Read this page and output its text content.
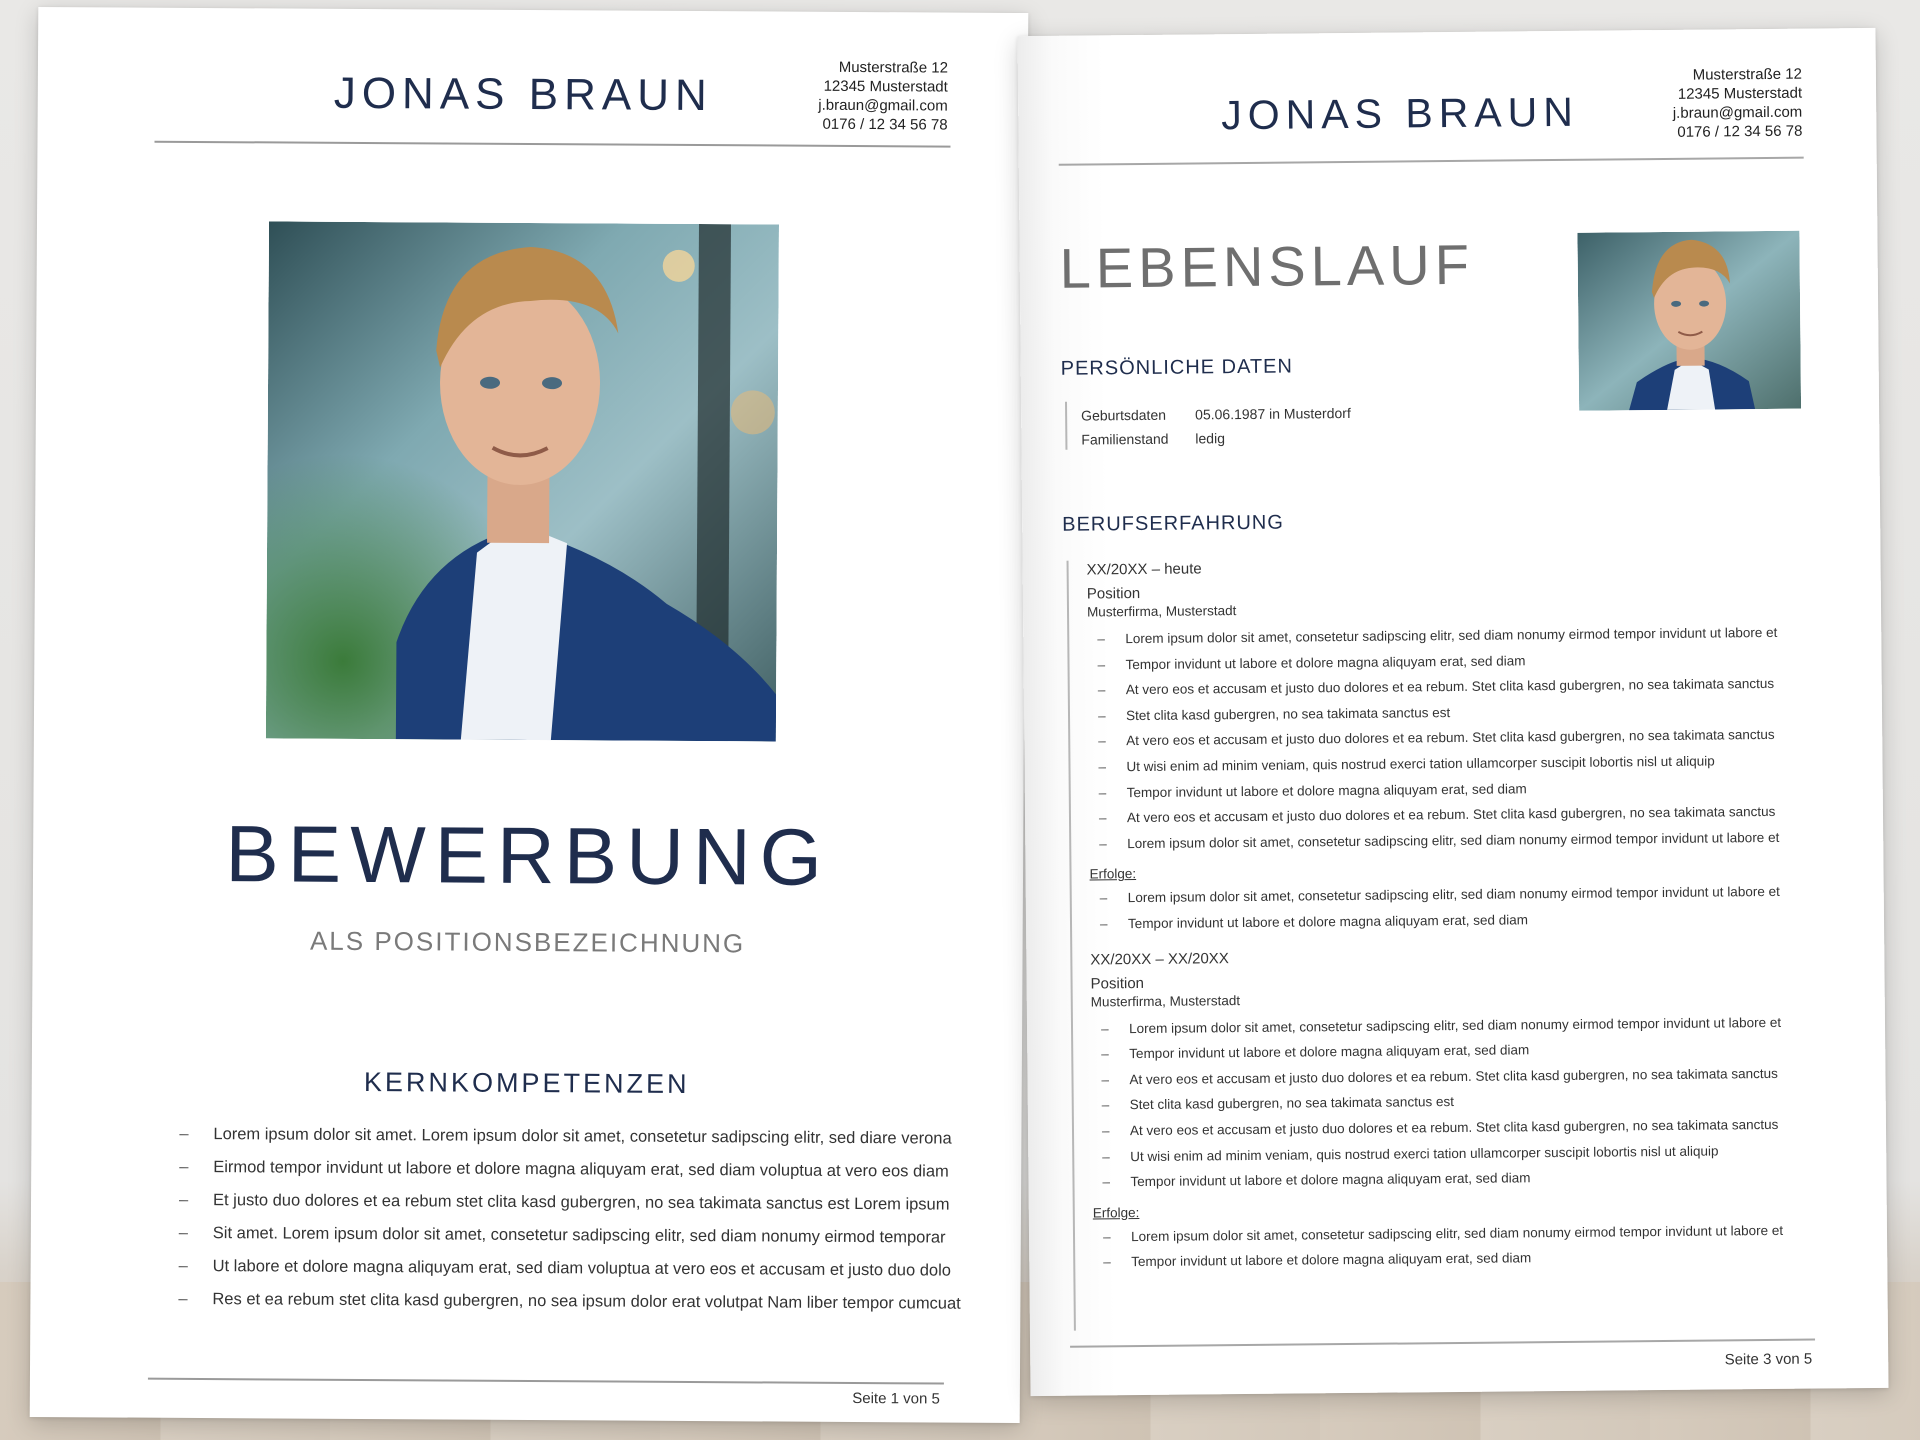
JONAS BRAUN
Musterstraße 12
12345 Musterstadt
j.braun@gmail.com
0176 / 12 34 56 78
BEWERBUNG
ALS POSITIONSBEZEICHNUNG
KERNKOMPETENZEN
– Lorem ipsum dolor sit amet. Lorem ipsum dolor sit amet, consetetur sadipscing elitr, sed diare verona
– Eirmod tempor invidunt ut labore et dolore magna aliquyam erat, sed diam voluptua at vero eos diam
– Et justo duo dolores et ea rebum stet clita kasd gubergren, no sea takimata sanctus est Lorem ipsum
– Sit amet. Lorem ipsum dolor sit amet, consetetur sadipscing elitr, sed diam nonumy eirmod temporar
– Ut labore et dolore magna aliquyam erat, sed diam voluptua at vero eos et accusam et justo duo dolo
– Res et ea rebum stet clita kasd gubergren, no sea ipsum dolor erat volutpat Nam liber tempor cumcuat
Seite 1 von 5
JONAS BRAUN
Musterstraße 12
12345 Musterstadt
j.braun@gmail.com
0176 / 12 34 56 78
LEBENSLAUF
PERSÖNLICHE DATEN
Geburtsdaten 05.06.1987 in Musterdorf
Familienstand ledig
BERUFSERFAHRUNG
XX/20XX – heute
Position
Musterfirma, Musterstadt
– Lorem ipsum dolor sit amet, consetetur sadipscing elitr, sed diam nonumy eirmod tempor invidunt ut labore et
– Tempor invidunt ut labore et dolore magna aliquyam erat, sed diam
– At vero eos et accusam et justo duo dolores et ea rebum. Stet clita kasd gubergren, no sea takimata sanctus
– Stet clita kasd gubergren, no sea takimata sanctus est
– At vero eos et accusam et justo duo dolores et ea rebum. Stet clita kasd gubergren, no sea takimata sanctus
– Ut wisi enim ad minim veniam, quis nostrud exerci tation ullamcorper suscipit lobortis nisl ut aliquip
– Tempor invidunt ut labore et dolore magna aliquyam erat, sed diam
– At vero eos et accusam et justo duo dolores et ea rebum. Stet clita kasd gubergren, no sea takimata sanctus
– Lorem ipsum dolor sit amet, consetetur sadipscing elitr, sed diam nonumy eirmod tempor invidunt ut labore et
Erfolge:
– Lorem ipsum dolor sit amet, consetetur sadipscing elitr, sed diam nonumy eirmod tempor invidunt ut labore et
– Tempor invidunt ut labore et dolore magna aliquyam erat, sed diam
XX/20XX – XX/20XX
Position
Musterfirma, Musterstadt
– Lorem ipsum dolor sit amet, consetetur sadipscing elitr, sed diam nonumy eirmod tempor invidunt ut labore et
– Tempor invidunt ut labore et dolore magna aliquyam erat, sed diam
– At vero eos et accusam et justo duo dolores et ea rebum. Stet clita kasd gubergren, no sea takimata sanctus
– Stet clita kasd gubergren, no sea takimata sanctus est
– At vero eos et accusam et justo duo dolores et ea rebum. Stet clita kasd gubergren, no sea takimata sanctus
– Ut wisi enim ad minim veniam, quis nostrud exerci tation ullamcorper suscipit lobortis nisl ut aliquip
– Tempor invidunt ut labore et dolore magna aliquyam erat, sed diam
Erfolge:
– Lorem ipsum dolor sit amet, consetetur sadipscing elitr, sed diam nonumy eirmod tempor invidunt ut labore et
– Tempor invidunt ut labore et dolore magna aliquyam erat, sed diam
Seite 3 von 5
